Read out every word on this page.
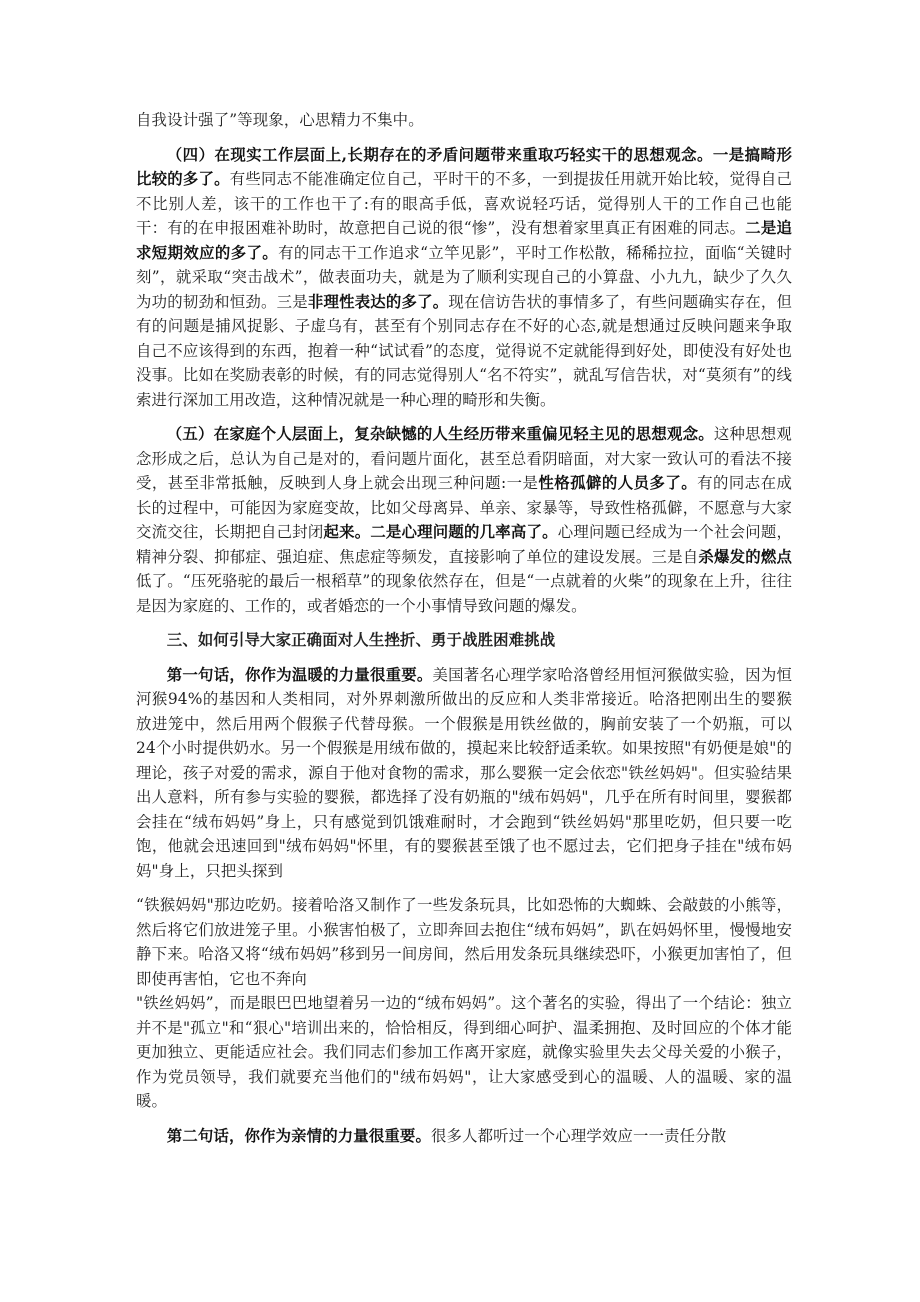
自我设计强了”等现象，心思精力不集中。

（四）在现实工作层面上,长期存在的矛盾问题带来重取巧轻实干的思想观念。一是搞畸形比较的多了。有些同志不能准确定位自己，平时干的不多，一到提拔任用就开始比较，觉得自己不比别人差，该干的工作也干了:有的眼高手低，喜欢说轻巧话，觉得别人干的工作自己也能干：有的在申报困难补助时，故意把自己说的很“惨”，没有想着家里真正有困难的同志。二是追求短期效应的多了。有的同志干工作追求“立竿见影”，平时工作松散，稀稀拉拉，面临“关键时刻”，就采取“突击战术”，做表面功夫，就是为了顺利实现自己的小算盘、小九九，缺少了久久为功的韧劲和恒劲。三是非理性表达的多了。现在信访告状的事情多了，有些问题确实存在，但有的问题是捕风捉影、子虚乌有，甚至有个别同志存在不好的心态,就是想通过反映问题来争取自己不应该得到的东西，抱着一种“试试看”的态度，觉得说不定就能得到好处，即使没有好处也没事。比如在奖励表彰的时候，有的同志觉得别人“名不符实”，就乱写信告状，对“莫须有”的线索进行深加工用改造，这种情况就是一种心理的畸形和失衡。

（五）在家庭个人层面上，复杂缺憾的人生经历带来重偏见轻主见的思想观念。这种思想观念形成之后，总认为自己是对的，看问题片面化，甚至总看阴暗面，对大家一致认可的看法不接受，甚至非常抵触，反映到人身上就会出现三种问题:一是性格孤僻的人员多了。有的同志在成长的过程中，可能因为家庭变故，比如父母离异、单亲、家暴等，导致性格孤僻，不愿意与大家交流交往，长期把自己封闭起来。二是心理问题的几率高了。心理问题已经成为一个社会问题，精神分裂、抑郁症、强迫症、焦虑症等频发，直接影响了单位的建设发展。三是自杀爆发的燃点低了。“压死骆驼的最后一根稻草”的现象依然存在，但是“一点就着的火柴”的现象在上升，往往是因为家庭的、工作的，或者婚恋的一个小事情导致问题的爆发。

三、如何引导大家正确面对人生挫折、勇于战胜困难挑战

第一句话，你作为温暖的力量很重要。美国著名心理学家哈洛曾经用恒河猴做实验，因为恒河猴94%的基因和人类相同，对外界刺激所做出的反应和人类非常接近。哈洛把刚出生的婴猴放进笼中，然后用两个假猴子代替母猴。一个假猴是用铁丝做的，胸前安装了一个奶瓶，可以24个小时提供奶水。另一个假猴是用绒布做的，摸起来比较舒适柔软。如果按照"有奶便是娘"的理论，孩子对爱的需求，源自于他对食物的需求，那么婴猴一定会依恋"铁丝妈妈"。但实验结果出人意料，所有参与实验的婴猴，都选择了没有奶瓶的"绒布妈妈"，几乎在所有时间里，婴猴都会挂在“绒布妈妈”身上，只有感觉到饥饿难耐时，才会跑到“铁丝妈妈"那里吃奶，但只要一吃饱，他就会迅速回到"绒布妈妈"怀里，有的婴猴甚至饿了也不愿过去，它们把身子挂在"绒布妈妈"身上，只把头探到

“铁猴妈妈"那边吃奶。接着哈洛又制作了一些发条玩具，比如恐怖的大蜘蛛、会敲鼓的小熊等，然后将它们放进笼子里。小猴害怕极了，立即奔回去抱住“绒布妈妈”，趴在妈妈怀里，慢慢地安静下来。哈洛又将“绒布妈妈”移到另一间房间，然后用发条玩具继续恐吓，小猴更加害怕了，但即使再害怕，它也不奔向
"铁丝妈妈”，而是眼巴巴地望着另一边的“绒布妈妈”。这个著名的实验，得出了一个结论：独立并不是"孤立"和“狠心"培训出来的，恰恰相反，得到细心呵护、温柔拥抱、及时回应的个体才能更加独立、更能适应社会。我们同志们参加工作离开家庭，就像实验里失去父母关爱的小猴子，作为党员领导，我们就要充当他们的"绒布妈妈"，让大家感受到心的温暖、人的温暖、家的温暖。

第二句话，你作为亲情的力量很重要。很多人都听过一个心理学效应一一责任分散
